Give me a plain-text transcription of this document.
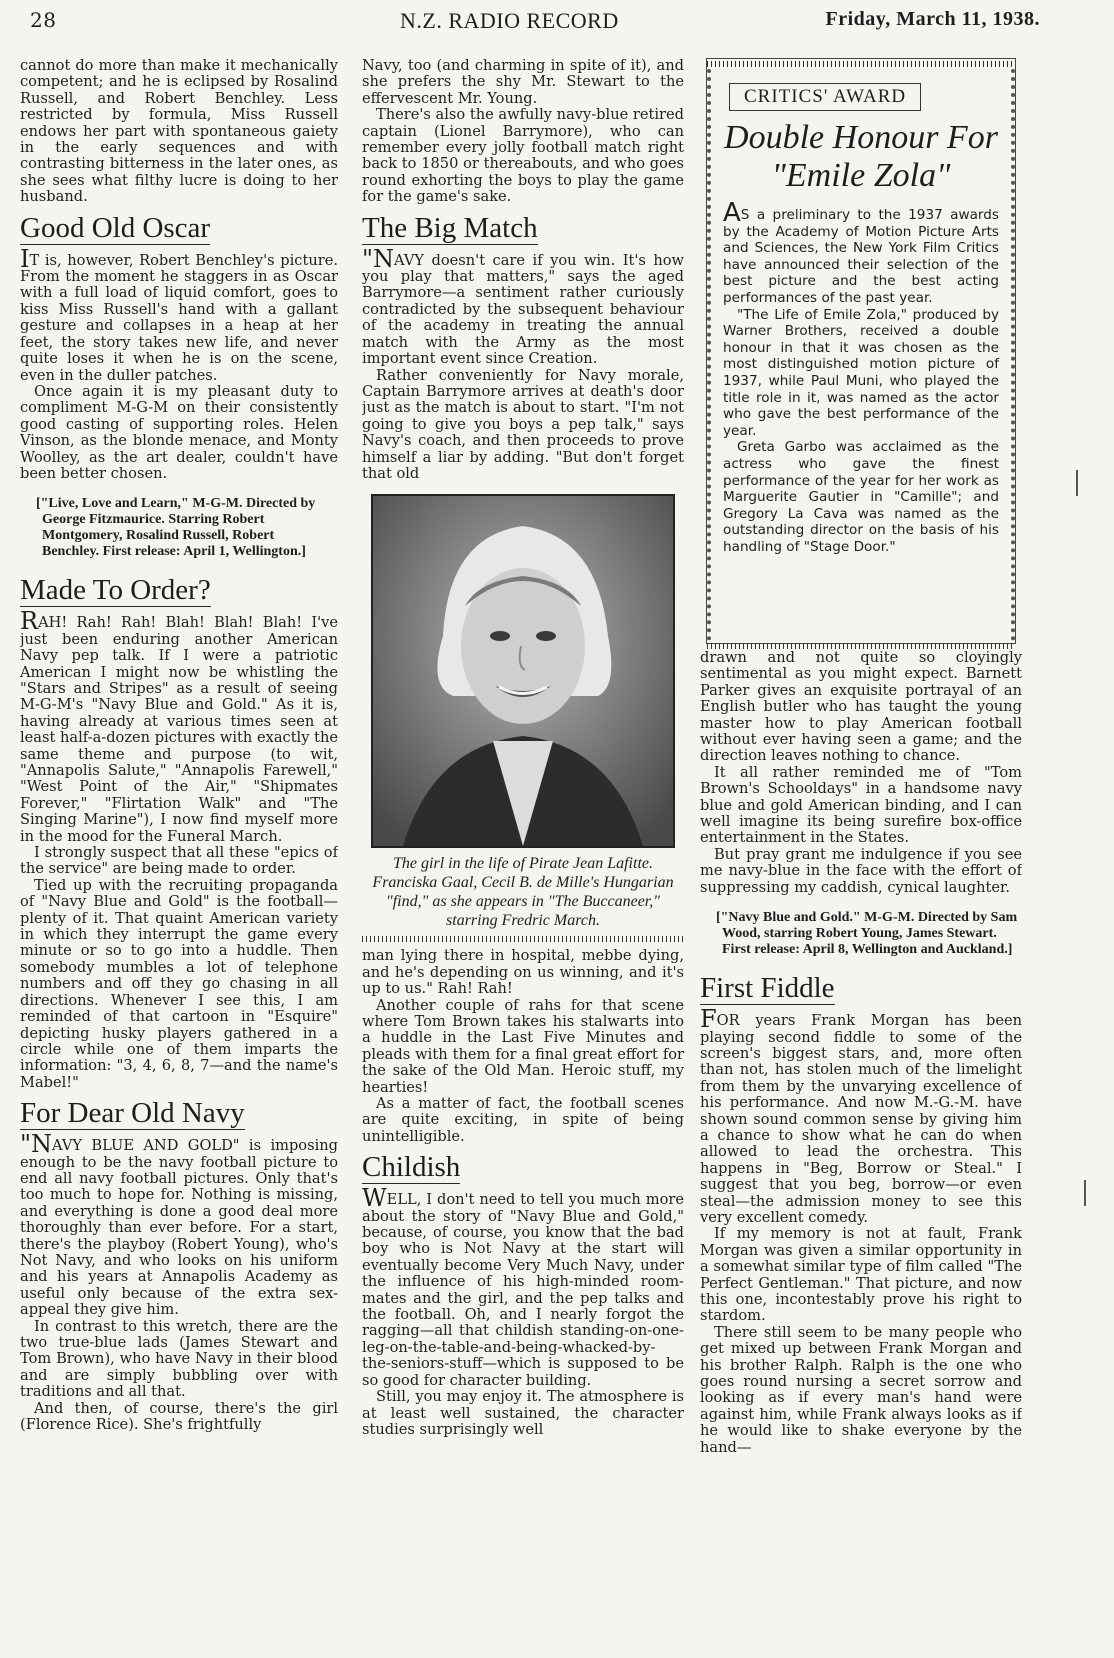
28	N.Z. RADIO RECORD	Friday, March 11, 1938.

cannot do more than make it mechanically competent; and he is eclipsed by Rosalind Russell, and Robert Benchley. Less restricted by formula, Miss Russell endows her part with spontaneous gaiety in the early sequences and with contrasting bitterness in the later ones, as she sees what filthy lucre is doing to her husband.

Good Old Oscar

IT is, however, Robert Benchley's picture. From the moment he staggers in as Oscar with a full load of liquid comfort, goes to kiss Miss Russell's hand with a gallant gesture and collapses in a heap at her feet, the story takes new life, and never quite loses it when he is on the scene, even in the duller patches.

Once again it is my pleasant duty to compliment M-G-M on their consistently good casting of supporting roles. Helen Vinson, as the blonde menace, and Monty Woolley, as the art dealer, couldn't have been better chosen.

["Live, Love and Learn," M-G-M. Directed by George Fitzmaurice. Starring Robert Montgomery, Rosalind Russell, Robert Benchley. First release: April 1, Wellington.]
Made To Order?

RAH! Rah! Rah! Blah! Blah! Blah! I've just been enduring another American Navy pep talk. If I were a patriotic American I might now be whistling the "Stars and Stripes" as a result of seeing M-G-M's "Navy Blue and Gold." As it is, having already at various times seen at least half-a-dozen pictures with exactly the same theme and purpose (to wit, "Annapolis Salute," "Annapolis Farewell," "West Point of the Air," "Shipmates Forever," "Flirtation Walk" and "The Singing Marine"), I now find myself more in the mood for the Funeral March.

I strongly suspect that all these "epics of the service" are being made to order.

Tied up with the recruiting propaganda of "Navy Blue and Gold" is the football—plenty of it. That quaint American variety in which they interrupt the game every minute or so to go into a huddle. Then somebody mumbles a lot of telephone numbers and off they go chasing in all directions. Whenever I see this, I am reminded of that cartoon in "Esquire" depicting husky players gathered in a circle while one of them imparts the information: "3, 4, 6, 8, 7—and the name's Mabel!"

For Dear Old Navy

"NAVY BLUE AND GOLD" is imposing enough to be the navy football picture to end all navy football pictures. Only that's too much to hope for. Nothing is missing, and everything is done a good deal more thoroughly than ever before. For a start, there's the playboy (Robert Young), who's Not Navy, and who looks on his uniform and his years at Annapolis Academy as useful only because of the extra sex-appeal they give him.

In contrast to this wretch, there are the two true-blue lads (James Stewart and Tom Brown), who have Navy in their blood and are simply bubbling over with traditions and all that.

And then, of course, there's the girl (Florence Rice). She's frightfully

Navy, too (and charming in spite of it), and she prefers the shy Mr. Stewart to the effervescent Mr. Young.

There's also the awfully navy-blue retired captain (Lionel Barrymore), who can remember every jolly football match right back to 1850 or thereabouts, and who goes round exhorting the boys to play the game for the game's sake.

The Big Match

"NAVY doesn't care if you win. It's how you play that matters," says the aged Barrymore—a sentiment rather curiously contradicted by the subsequent behaviour of the academy in treating the annual match with the Army as the most important event since Creation.

Rather conveniently for Navy morale, Captain Barrymore arrives at death's door just as the match is about to start. "I'm not going to give you boys a pep talk," says Navy's coach, and then proceeds to prove himself a liar by adding. "But don't forget that old

The girl in the life of Pirate Jean Lafitte. Franciska Gaal, Cecil B. de Mille's Hungarian "find," as she appears in "The Buccaneer," starring Fredric March.

man lying there in hospital, mebbe dying, and he's depending on us winning, and it's up to us." Rah! Rah!

Another couple of rahs for that scene where Tom Brown takes his stalwarts into a huddle in the Last Five Minutes and pleads with them for a final great effort for the sake of the Old Man. Heroic stuff, my hearties!

As a matter of fact, the football scenes are quite exciting, in spite of being unintelligible.

Childish

WELL, I don't need to tell you much more about the story of "Navy Blue and Gold," because, of course, you know that the bad boy who is Not Navy at the start will eventually become Very Much Navy, under the influence of his high-minded room-mates and the girl, and the pep talks and the football. Oh, and I nearly forgot the ragging—all that childish standing-on-one-leg-on-the-table-and-being-whacked-by-the-seniors-stuff—which is supposed to be so good for character building.

Still, you may enjoy it. The atmosphere is at least well sustained, the character studies surprisingly well

CRITICS' AWARD
Double Honour For
"Emile Zola"

AS a preliminary to the 1937 awards by the Academy of Motion Picture Arts and Sciences, the New York Film Critics have announced their selection of the best picture and the best acting performances of the past year.

"The Life of Emile Zola," produced by Warner Brothers, received a double honour in that it was chosen as the most distinguished motion picture of 1937, while Paul Muni, who played the title role in it, was named as the actor who gave the best performance of the year.

Greta Garbo was acclaimed as the actress who gave the finest performance of the year for her work as Marguerite Gautier in "Camille"; and Gregory La Cava was named as the outstanding director on the basis of his handling of "Stage Door."

drawn and not quite so cloyingly sentimental as you might expect. Barnett Parker gives an exquisite portrayal of an English butler who has taught the young master how to play American football without ever having seen a game; and the direction leaves nothing to chance.

It all rather reminded me of "Tom Brown's Schooldays" in a handsome navy blue and gold American binding, and I can well imagine its being surefire box-office entertainment in the States.

But pray grant me indulgence if you see me navy-blue in the face with the effort of suppressing my caddish, cynical laughter.

["Navy Blue and Gold." M-G-M. Directed by Sam Wood, starring Robert Young, James Stewart. First release: April 8, Wellington and Auckland.]
First Fiddle

FOR years Frank Morgan has been playing second fiddle to some of the screen's biggest stars, and, more often than not, has stolen much of the limelight from them by the unvarying excellence of his performance. And now M.-G.-M. have shown sound common sense by giving him a chance to show what he can do when allowed to lead the orchestra. This happens in "Beg, Borrow or Steal." I suggest that you beg, borrow—or even steal—the admission money to see this very excellent comedy.

If my memory is not at fault, Frank Morgan was given a similar opportunity in a somewhat similar type of film called "The Perfect Gentleman." That picture, and now this one, incontestably prove his right to stardom.

There still seem to be many people who get mixed up between Frank Morgan and his brother Ralph. Ralph is the one who goes round nursing a secret sorrow and looking as if every man's hand were against him, while Frank always looks as if he would like to shake everyone by the hand—
